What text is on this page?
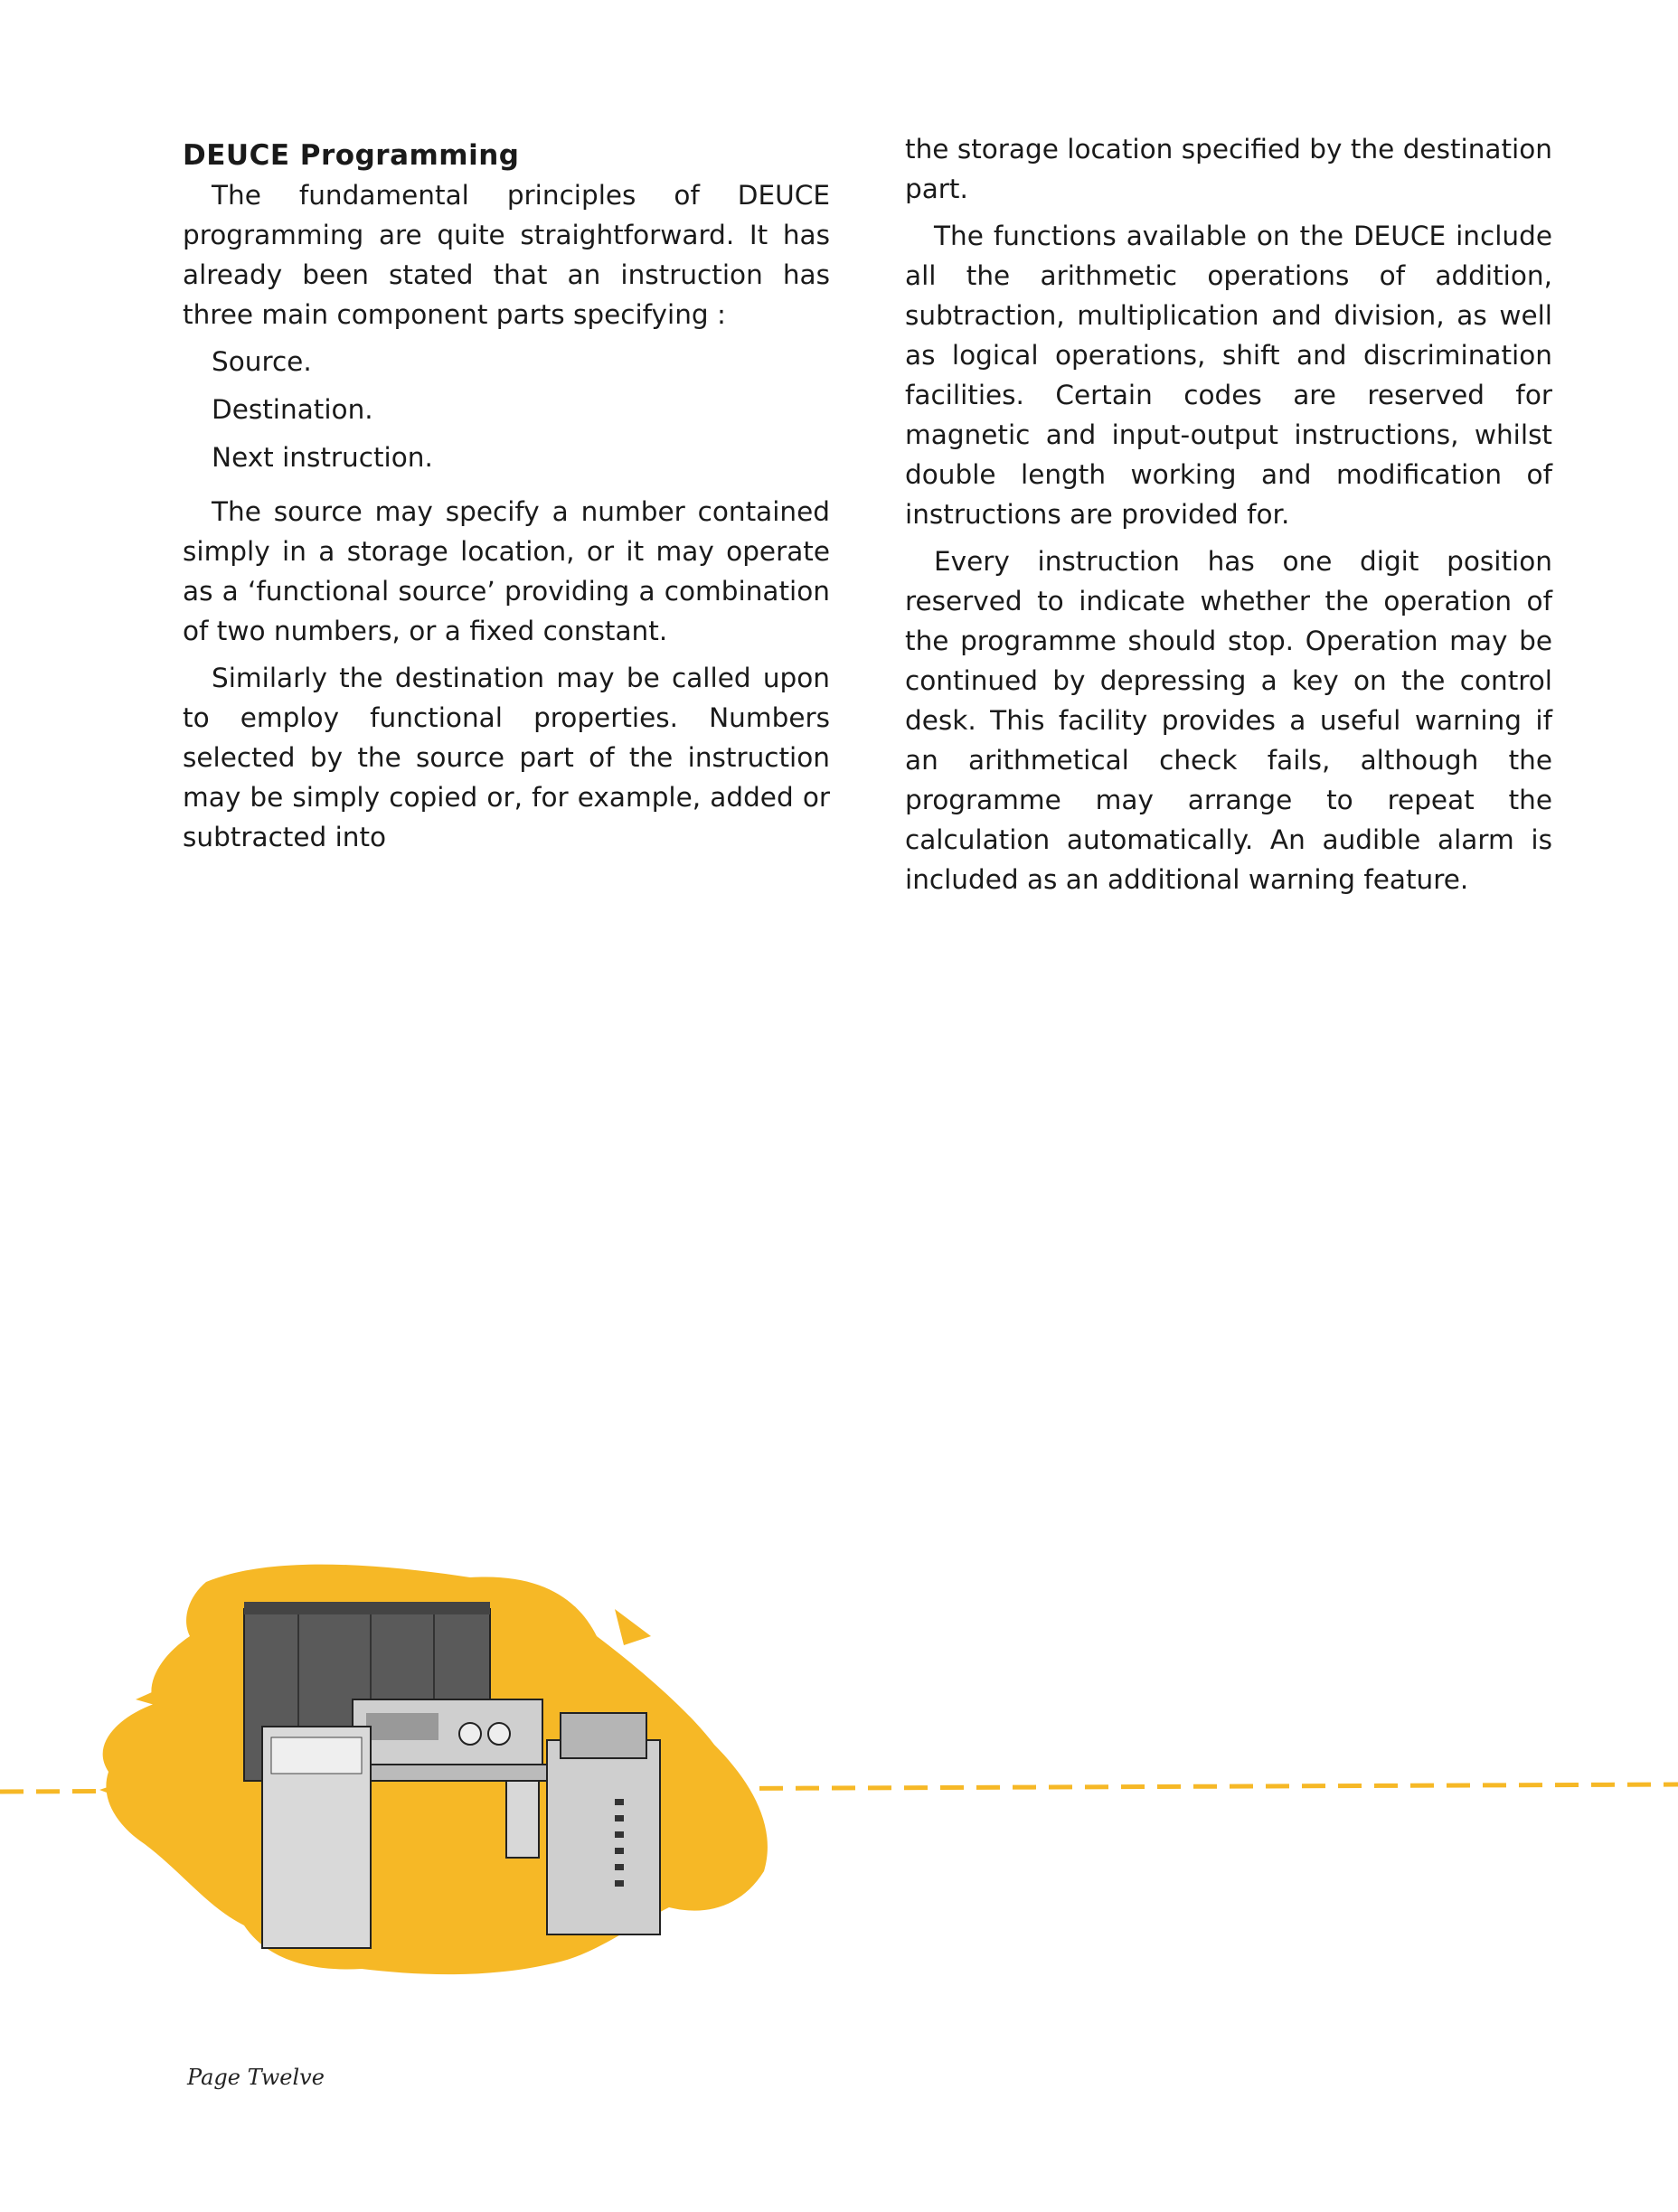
DEUCE Programming

The fundamental principles of DEUCE programming are quite straightforward. It has already been stated that an instruction has three main component parts specifying :

Source.
Destination.
Next instruction.

The source may specify a number contained simply in a storage location, or it may operate as a ‘functional source’ providing a combination of two numbers, or a fixed constant.

Similarly the destination may be called upon to employ functional properties. Numbers selected by the source part of the instruction may be simply copied or, for example, added or subtracted into

the storage location specified by the destination part.

The functions available on the DEUCE include all the arithmetic operations of addition, subtraction, multiplication and division, as well as logical operations, shift and discrimination facilities. Certain codes are reserved for magnetic and input-output instructions, whilst double length working and modification of instructions are provided for.

Every instruction has one digit position reserved to indicate whether the operation of the programme should stop. Operation may be continued by depressing a key on the control desk. This facility provides a useful warning if an arithmetical check fails, although the programme may arrange to repeat the calculation automatically. An audible alarm is included as an additional warning feature.

Page Twelve
